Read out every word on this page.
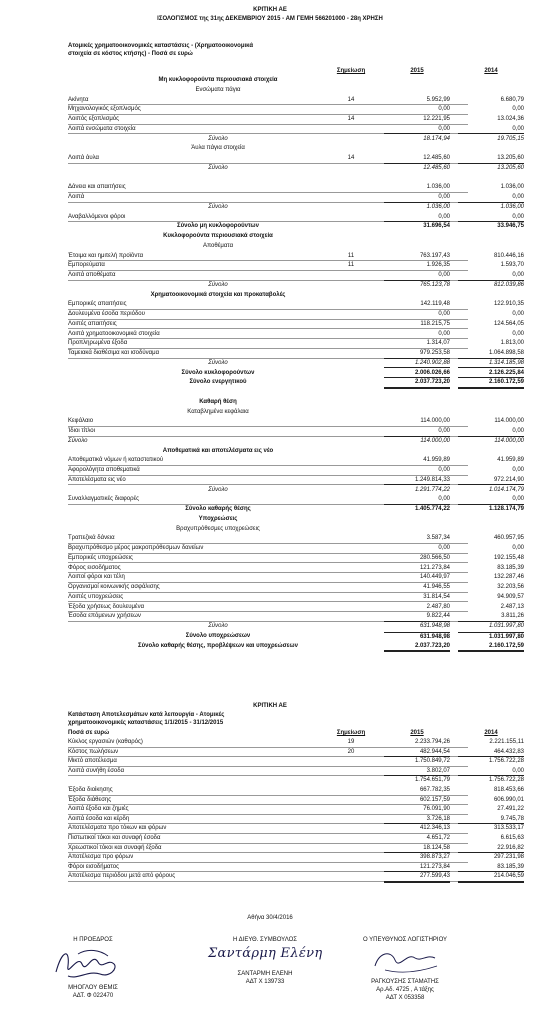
ΚΡΙΤΙΚΗ ΑΕ
ΙΣΟΛΟΓΙΣΜΟΣ της 31ης ΔΕΚΕΜΒΡΙΟΥ 2015 - ΑΜ ΓΕΜΗ 566201000 - 28η ΧΡΗΣΗ
Ατομικές χρηματοοικονομικές καταστάσεις - (Χρηματοοικονομικά
στοιχεία σε κόστος κτήσης) - Ποσά σε ευρώ
Σημείωση	2015	2014
Μη κυκλοφορούντα περιουσιακά στοιχεία
Ενσώματα πάγια
Ακίνητα	14	5.952,99	6.680,79
Μηχανολογικός εξοπλισμός	0,00	0,00
Λοιπός εξοπλισμός	14	12.221,95	13.024,36
Λοιπά ενσώματα στοιχεία	0,00	0,00
Σύνολο	18.174,94	19.705,15
Άυλα πάγια στοιχεία
Λοιπά άυλα	14	12.485,60	13.205,60
Σύνολο	12.485,60	13.205,60
Δάνεια και απαιτήσεις	1.036,00	1.036,00
Λοιπά	0,00	0,00
Σύνολο	1.036,00	1.036,00
Αναβαλλόμενοι φόροι	0,00	0,00
Σύνολο μη κυκλοφορούντων	31.696,54	33.946,75
Κυκλοφορούντα περιουσιακά στοιχεία
Αποθέματα
Έτοιμα και ημιτελή προϊόντα	11	763.197,43	810.446,16
Εμπορεύματα	11	1.926,35	1.593,70
Λοιπά αποθέματα	0,00	0,00
Σύνολο	765.123,78	812.039,86
Χρηματοοικονομικά στοιχεία και προκαταβολές
Εμπορικές απαιτήσεις	142.119,48	122.910,35
Δουλευμένα έσοδα περιόδου	0,00	0,00
Λοιπές απαιτήσεις	118.215,75	124.564,05
Λοιπά χρηματοοικονομικά στοιχεία	0,00	0,00
Προπληρωμένα έξοδα	1.314,07	1.813,00
Ταμειακά διαθέσιμα και ισοδύναμα	979.253,58	1.064.898,58
Σύνολο	1.240.902,88	1.314.185,98
Σύνολο κυκλοφορούντων	2.006.026,66	2.126.225,84
Σύνολο ενεργητικού	2.037.723,20	2.160.172,59
Καθαρή θέση
Καταβλημένα κεφάλαια
Κεφάλαιο	114.000,00	114.000,00
Ίδιοι τίτλοι	0,00	0,00
Σύνολο	114.000,00	114.000,00
Αποθεματικά και αποτελέσματα εις νέο
Αποθεματικά νόμων ή καταστατικού	41.959,89	41.959,89
Αφορολόγητα αποθεματικά	0,00	0,00
Αποτελέσματα εις νέο	1.249.814,33	972.214,90
Σύνολο	1.291.774,22	1.014.174,79
Συναλλαγματικές διαφορές	0,00	0,00
Σύνολο καθαρής θέσης	1.405.774,22	1.128.174,79
Υποχρεώσεις
Βραχυπρόθεσμες υποχρεώσεις
Τραπεζικά δάνεια	3.587,34	460.957,95
Βραχυπρόθεσμο μέρος μακροπρόθεσμων δανείων	0,00	0,00
Εμπορικές υποχρεώσεις	280.566,50	192.155,48
Φόρος εισοδήματος	121.273,84	83.185,39
Λοιποί φόροι και τέλη	140.449,97	132.287,46
Οργανισμοί κοινωνικής ασφάλισης	41.946,55	32.203,56
Λοιπές υποχρεώσεις	31.814,54	94.909,57
Έξοδα χρήσεως δουλευμένα	2.487,80	2.487,13
Έσοδα επόμενων χρήσεων	9.822,44	3.811,26
Σύνολο	631.948,98	1.031.997,80
Σύνολο υποχρεώσεων	631.948,98	1.031.997,80
Σύνολο καθαρής θέσης, προβλέψεων και υποχρεώσεων	2.037.723,20	2.160.172,59
ΚΡΙΤΙΚΗ ΑΕ
Κατάσταση Αποτελεσμάτων κατά λειτουργία - Ατομικές
χρηματοοικονομικές καταστάσεις 1/1/2015 - 31/12/2015
Ποσά σε ευρώ	Σημείωση	2015	2014
Κύκλος εργασιών (καθαρός)	19	2.233.794,26	2.221.155,11
Κόστος πωλήσεων	20	482.944,54	464.432,83
Μικτό αποτέλεσμα	1.750.849,72	1.756.722,28
Λοιπά συνήθη έσοδα	3.802,07	0,00
1.754.651,79	1.756.722,28
Έξοδα διοίκησης	667.782,35	818.453,66
Έξοδα διάθεσης	602.157,59	606.990,01
Λοιπά έξοδα και ζημιές	76.091,90	27.491,22
Λοιπά έσοδα και κέρδη	3.726,18	9.745,78
Αποτελέσματα προ τόκων και φόρων	412.346,13	313.533,17
Πιστωτικοί τόκοι και συναφή έσοδα	4.651,72	6.615,63
Χρεωστικοί τόκοι και συναφή έξοδα	18.124,58	22.916,82
Αποτέλεσμα προ φόρων	398.873,27	297.231,98
Φόροι εισοδήματος	121.273,84	83.185,39
Αποτέλεσμα περιόδου μετά από φόρους	277.599,43	214.046,59
Αθήνα 30/4/2016
Η ΠΡΟΕΔΡΟΣ
ΜΗΟΓΛΟΥ ΘΕΜΙΣ
ΑΔΤ. Φ 022470
Η ΔΙΕΥΘ. ΣΥΜΒΟΥΛΟΣ
Σαντάρμη Ελένη
ΣΑΝΤΑΡΜΗ ΕΛΕΝΗ
ΑΔΤ Χ 139733
Ο ΥΠΕΥΘΥΝΟΣ ΛΟΓΙΣΤΗΡΙΟΥ
ΡΑΓΚΟΥΣΗΣ ΣΤΑΜΑΤΗΣ
Αρ.Αδ. 4725 , Α τάξης
ΑΔΤ Χ 053358
